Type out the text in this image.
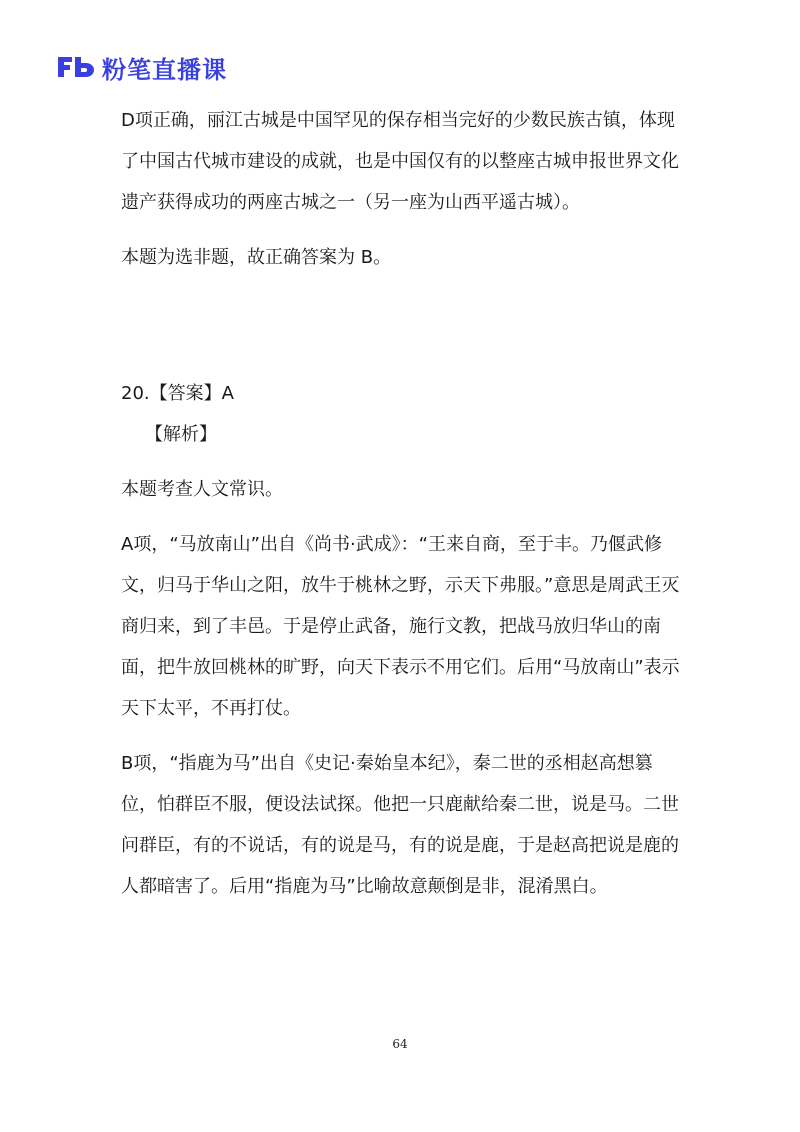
粉笔直播课

D项正确，丽江古城是中国罕见的保存相当完好的少数民族古镇，体现了中国古代城市建设的成就，也是中国仅有的以整座古城申报世界文化遗产获得成功的两座古城之一（另一座为山西平遥古城）。

本题为选非题，故正确答案为 B。

20.【答案】A

【解析】

本题考查人文常识。

A项，“马放南山”出自《尚书·武成》：“王来自商，至于丰。乃偃武修文，归马于华山之阳，放牛于桃林之野，示天下弗服。”意思是周武王灭商归来，到了丰邑。于是停止武备，施行文教，把战马放归华山的南面，把牛放回桃林的旷野，向天下表示不用它们。后用“马放南山”表示天下太平，不再打仗。

B项，“指鹿为马”出自《史记·秦始皇本纪》，秦二世的丞相赵高想篡位，怕群臣不服，便设法试探。他把一只鹿献给秦二世，说是马。二世问群臣，有的不说话，有的说是马，有的说是鹿，于是赵高把说是鹿的人都暗害了。后用“指鹿为马”比喻故意颠倒是非，混淆黑白。

64
